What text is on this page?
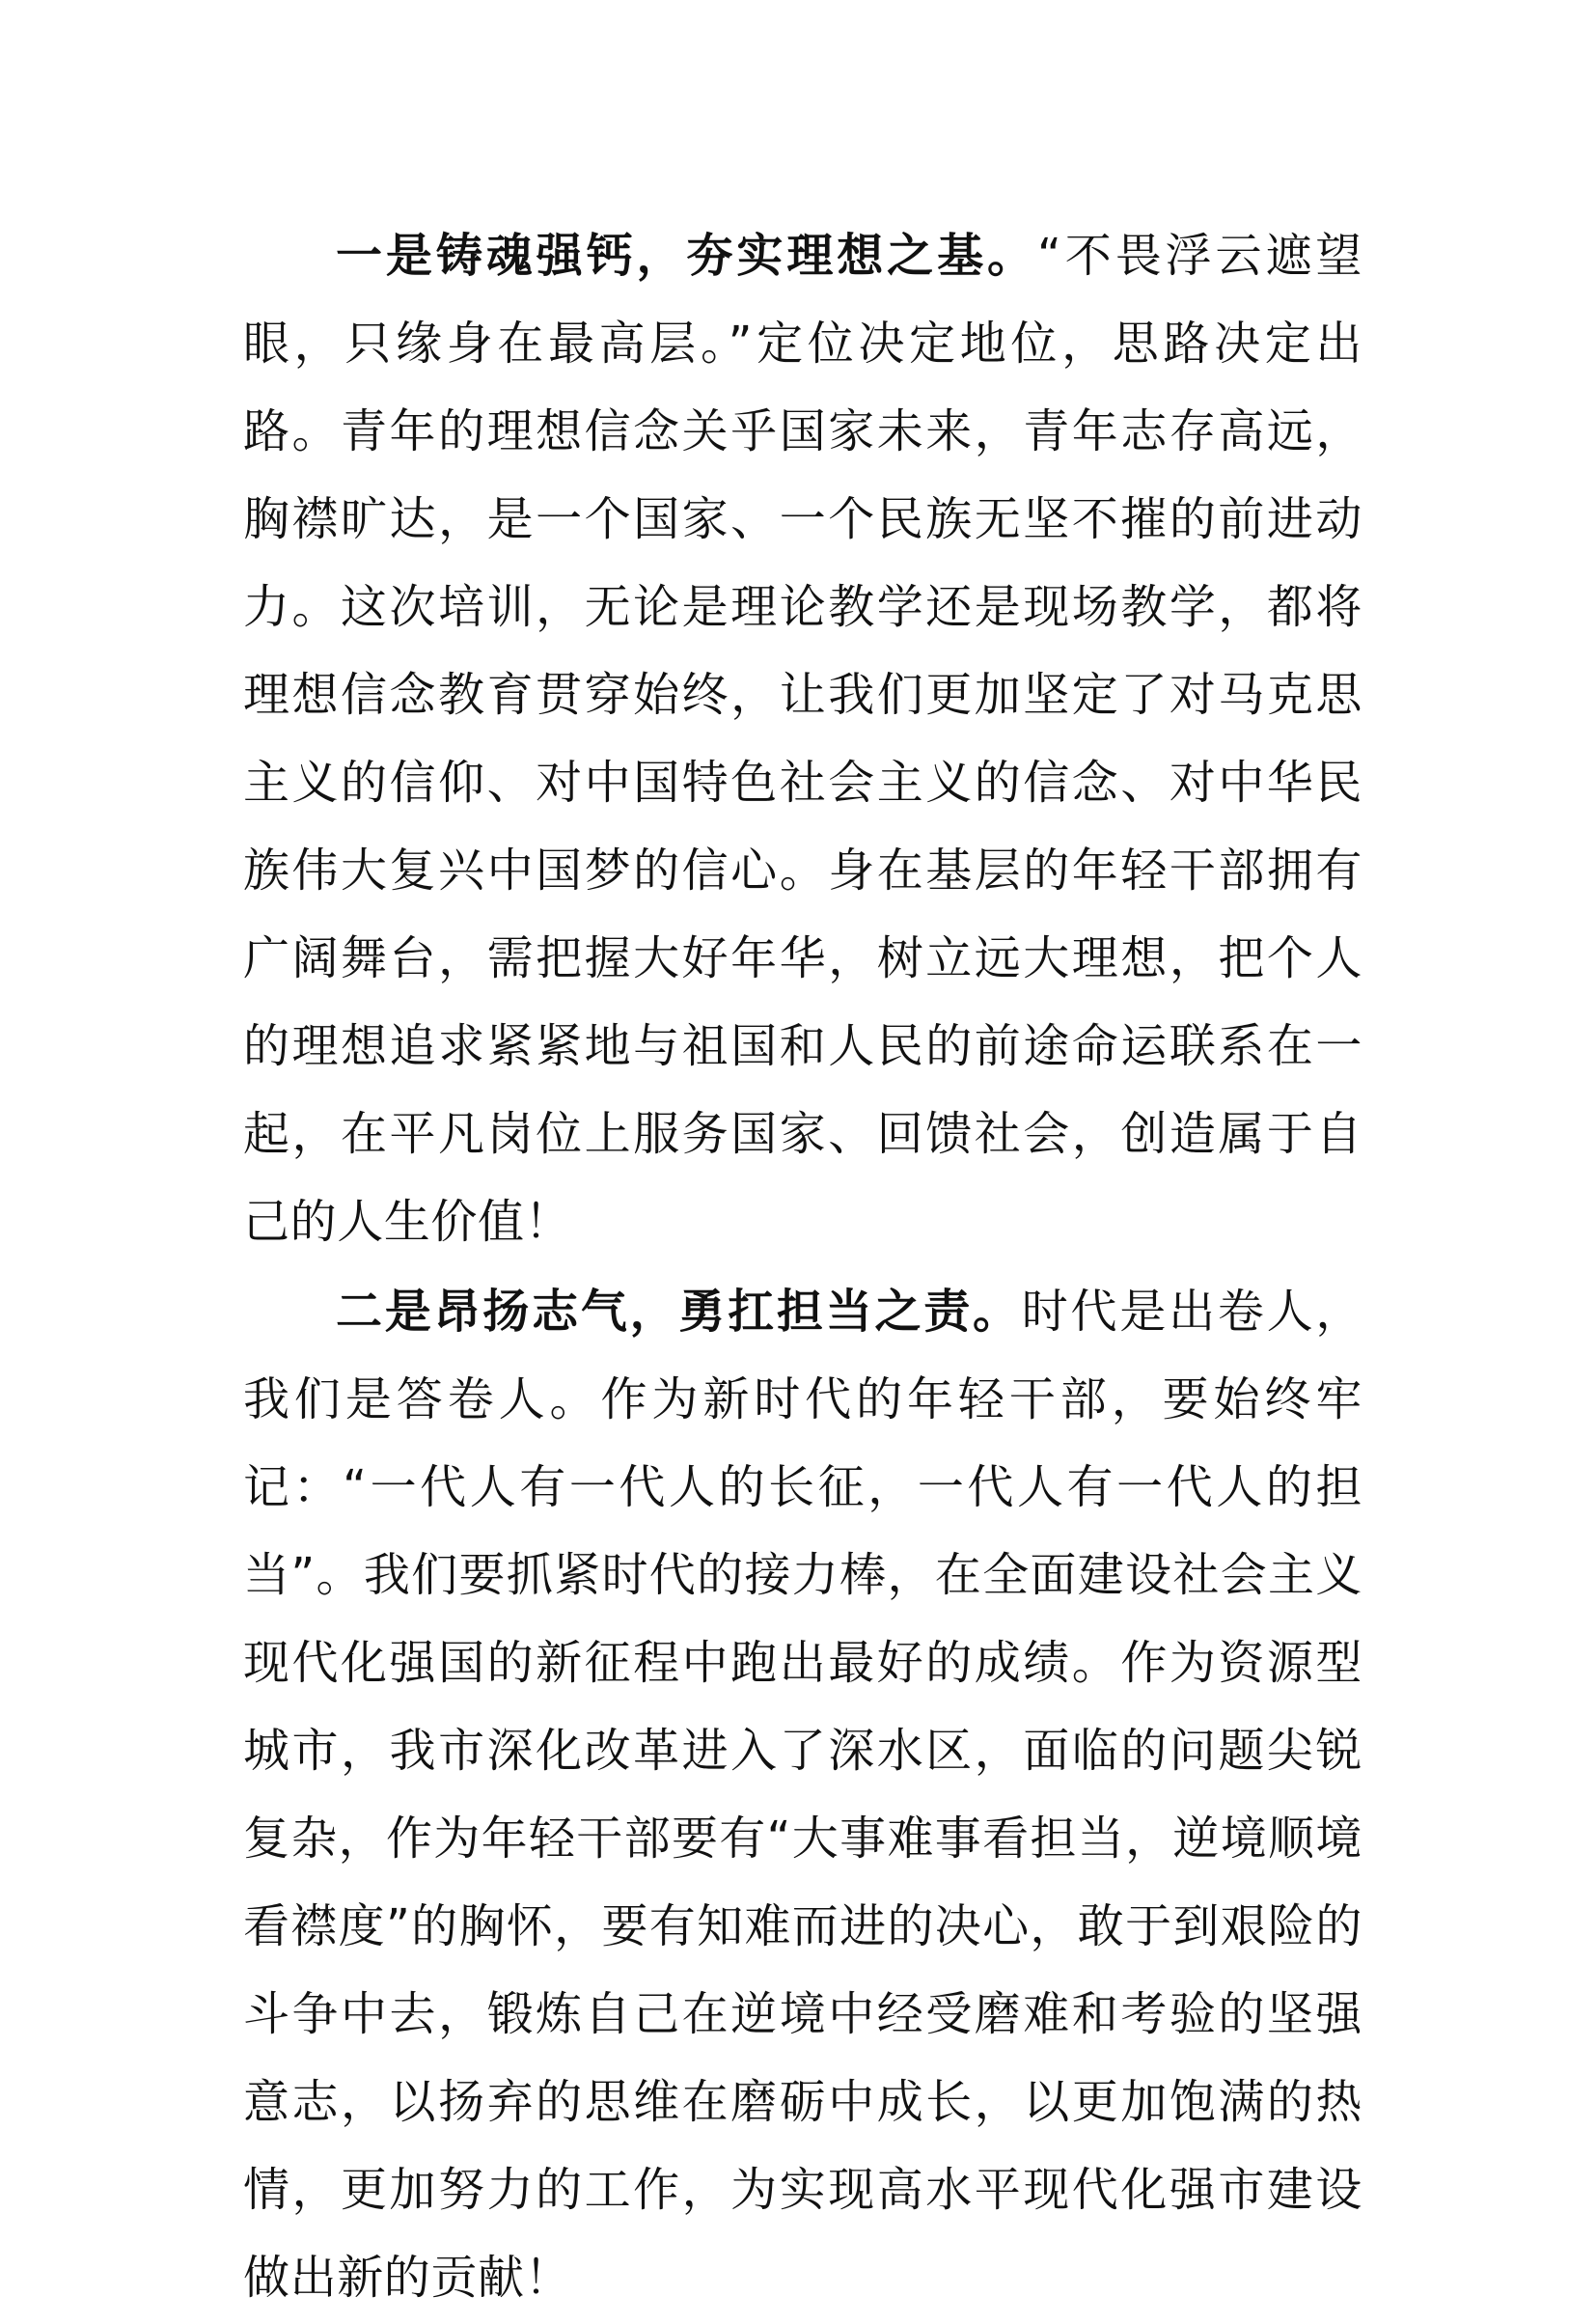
一是铸魂强钙，夯实理想之基。“不畏浮云遮望眼，只缘身在最高层。”定位决定地位，思路决定出路。青年的理想信念关乎国家未来，青年志存高远，胸襟旷达，是一个国家、一个民族无坚不摧的前进动力。这次培训，无论是理论教学还是现场教学，都将理想信念教育贯穿始终，让我们更加坚定了对马克思主义的信仰、对中国特色社会主义的信念、对中华民族伟大复兴中国梦的信心。身在基层的年轻干部拥有广阔舞台，需把握大好年华，树立远大理想，把个人的理想追求紧紧地与祖国和人民的前途命运联系在一起，在平凡岗位上服务国家、回馈社会，创造属于自己的人生价值！

二是昂扬志气，勇扛担当之责。时代是出卷人，我们是答卷人。作为新时代的年轻干部，要始终牢记：“一代人有一代人的长征，一代人有一代人的担当”。我们要抓紧时代的接力棒，在全面建设社会主义现代化强国的新征程中跑出最好的成绩。作为资源型城市，我市深化改革进入了深水区，面临的问题尖锐复杂，作为年轻干部要有“大事难事看担当，逆境顺境看襟度”的胸怀，要有知难而进的决心，敢于到艰险的斗争中去，锻炼自己在逆境中经受磨难和考验的坚强意志，以扬弃的思维在磨砺中成长，以更加饱满的热情，更加努力的工作，为实现高水平现代化强市建设做出新的贡献！
